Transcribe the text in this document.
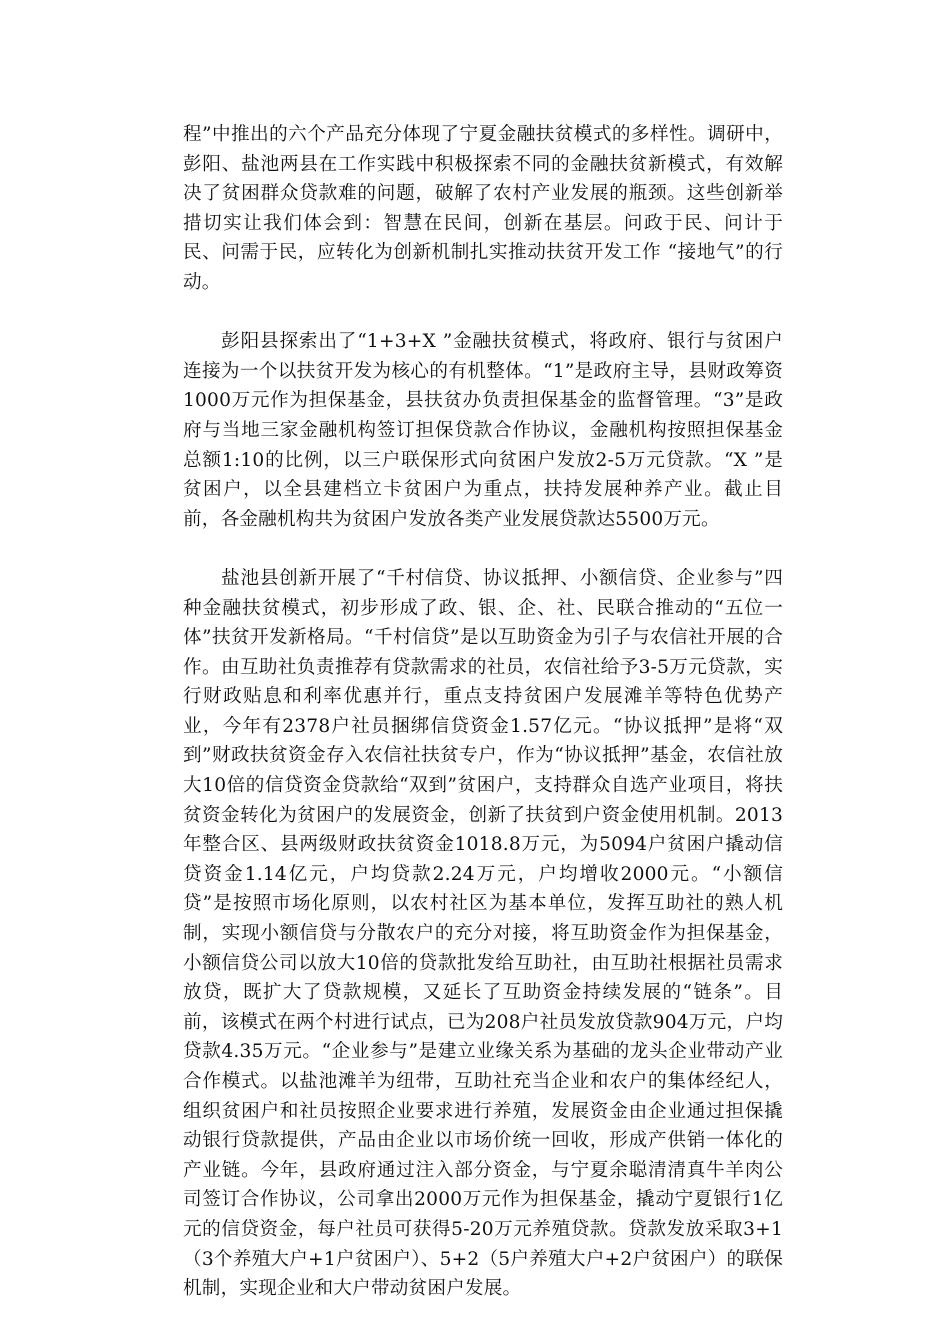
程”中推出的六个产品充分体现了宁夏金融扶贫模式的多样性。调研中，彭阳、盐池两县在工作实践中积极探索不同的金融扶贫新模式，有效解决了贫困群众贷款难的问题，破解了农村产业发展的瓶颈。这些创新举措切实让我们体会到：智慧在民间，创新在基层。问政于民、问计于民、问需于民，应转化为创新机制扎实推动扶贫开发工作 “接地气”的行动。

彭阳县探索出了“1+3+X ”金融扶贫模式，将政府、银行与贫困户连接为一个以扶贫开发为核心的有机整体。“1”是政府主导，县财政筹资1000万元作为担保基金，县扶贫办负责担保基金的监督管理。“3”是政府与当地三家金融机构签订担保贷款合作协议，金融机构按照担保基金总额1:10的比例，以三户联保形式向贫困户发放2-5万元贷款。“X ”是贫困户，以全县建档立卡贫困户为重点，扶持发展种养产业。截止目前，各金融机构共为贫困户发放各类产业发展贷款达5500万元。

盐池县创新开展了“千村信贷、协议抵押、小额信贷、企业参与”四种金融扶贫模式，初步形成了政、银、企、社、民联合推动的“五位一体”扶贫开发新格局。“千村信贷”是以互助资金为引子与农信社开展的合作。由互助社负责推荐有贷款需求的社员，农信社给予3-5万元贷款，实行财政贴息和利率优惠并行，重点支持贫困户发展滩羊等特色优势产业，今年有2378户社员捆绑信贷资金1.57亿元。“协议抵押”是将“双到”财政扶贫资金存入农信社扶贫专户，作为“协议抵押”基金，农信社放大10倍的信贷资金贷款给“双到”贫困户，支持群众自选产业项目，将扶贫资金转化为贫困户的发展资金，创新了扶贫到户资金使用机制。2013年整合区、县两级财政扶贫资金1018.8万元，为5094户贫困户撬动信贷资金1.14亿元，户均贷款2.24万元，户均增收2000元。“小额信贷”是按照市场化原则，以农村社区为基本单位，发挥互助社的熟人机制，实现小额信贷与分散农户的充分对接，将互助资金作为担保基金，小额信贷公司以放大10倍的贷款批发给互助社，由互助社根据社员需求放贷，既扩大了贷款规模，又延长了互助资金持续发展的“链条”。目前，该模式在两个村进行试点，已为208户社员发放贷款904万元，户均贷款4.35万元。“企业参与”是建立业缘关系为基础的龙头企业带动产业合作模式。以盐池滩羊为纽带，互助社充当企业和农户的集体经纪人，组织贫困户和社员按照企业要求进行养殖，发展资金由企业通过担保撬动银行贷款提供，产品由企业以市场价统一回收，形成产供销一体化的产业链。今年，县政府通过注入部分资金，与宁夏余聪清清真牛羊肉公司签订合作协议，公司拿出2000万元作为担保基金，撬动宁夏银行1亿元的信贷资金，每户社员可获得5-20万元养殖贷款。贷款发放采取3+1（3个养殖大户+1户贫困户）、5+2（5户养殖大户+2户贫困户）的联保机制，实现企业和大户带动贫困户发展。
